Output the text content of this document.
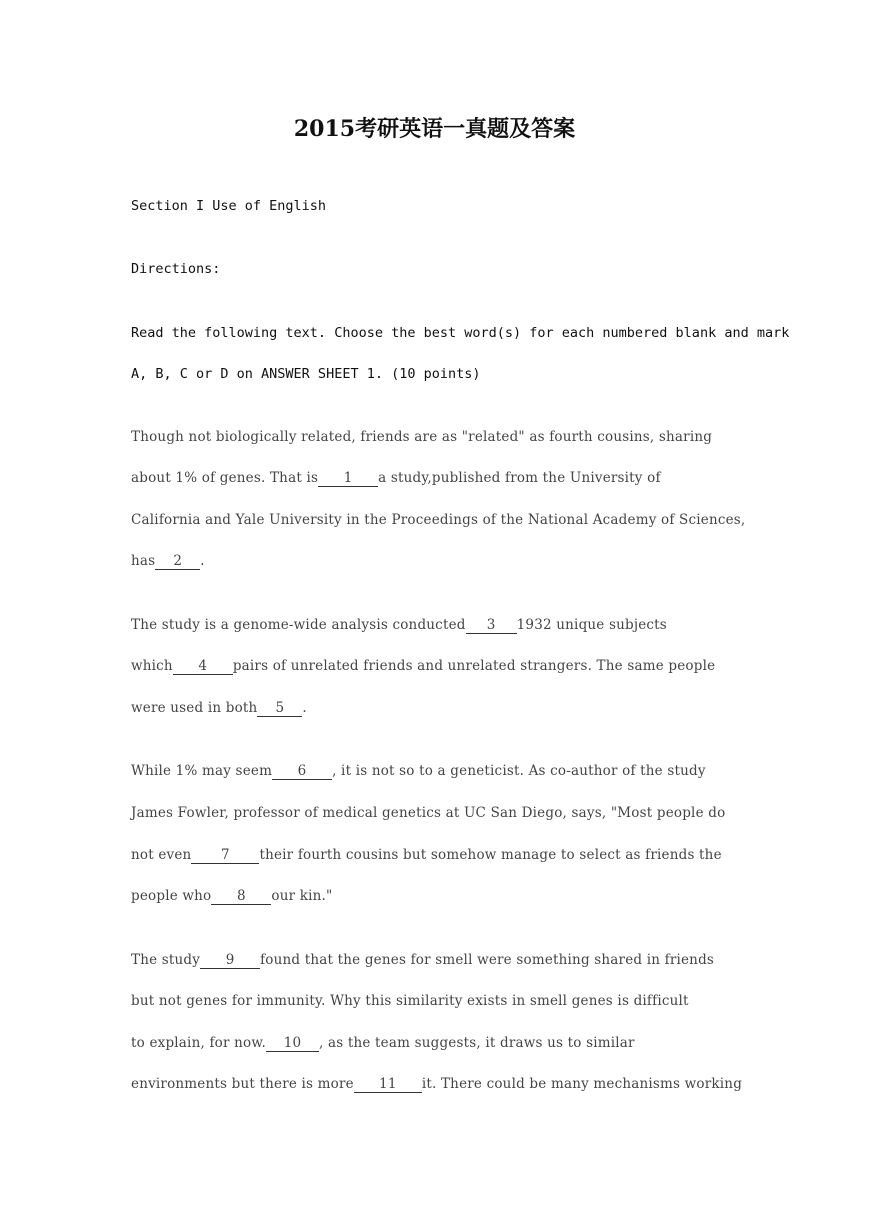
2015考研英语一真题及答案
Section I Use of English
Directions:
Read the following text. Choose the best word(s) for each numbered blank and mark
A, B, C or D on ANSWER SHEET 1. (10 points)
Though not biologically related, friends are as "related" as fourth cousins, sharing
about 1% of genes. That is 1 a study,published from the University of
California and Yale University in the Proceedings of the National Academy of Sciences,
has 2 .
The study is a genome-wide analysis conducted 3 1932 unique subjects
which 4 pairs of unrelated friends and unrelated strangers. The same people
were used in both 5 .
While 1% may seem 6 , it is not so to a geneticist. As co-author of the study
James Fowler, professor of medical genetics at UC San Diego, says, "Most people do
not even 7 their fourth cousins but somehow manage to select as friends the
people who 8 our kin."
The study 9 found that the genes for smell were something shared in friends
but not genes for immunity. Why this similarity exists in smell genes is difficult
to explain, for now. 10 , as the team suggests, it draws us to similar
environments but there is more 11 it. There could be many mechanisms working
